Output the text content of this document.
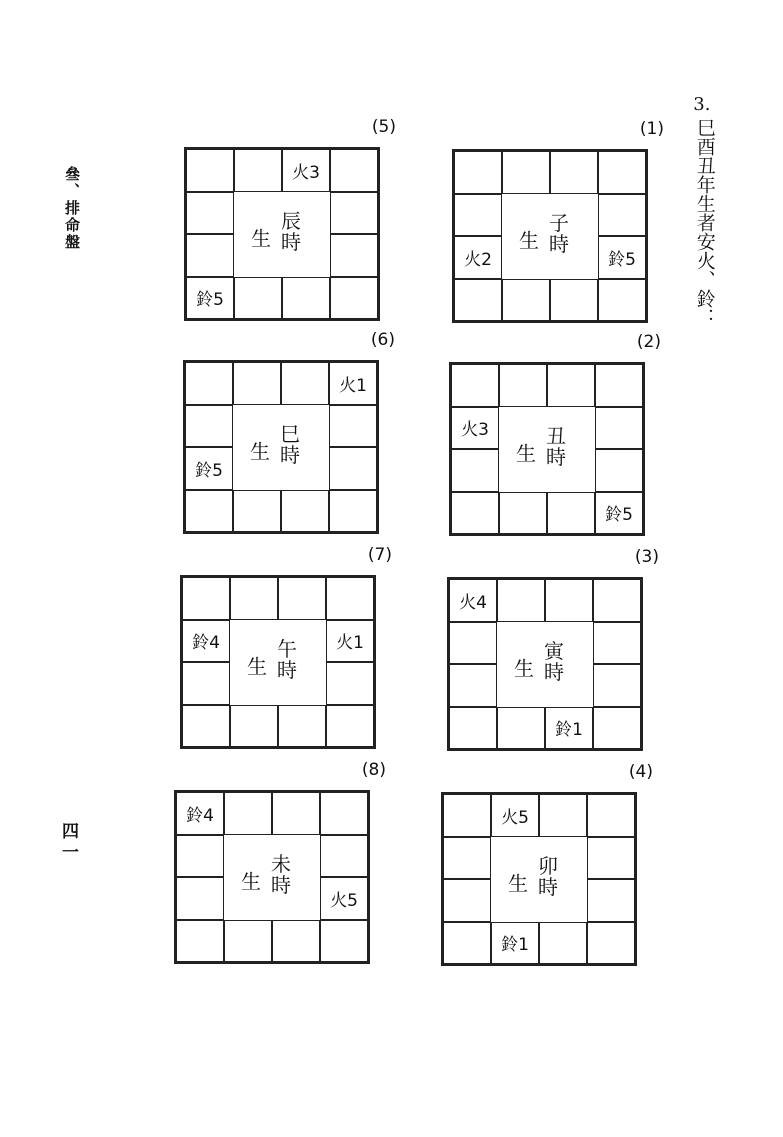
叄、排命盤
四一
3.
巳酉丑年生者安火、鈴：
(5)
火3
鈴5
生
辰
時
(1)
火2	鈴5
生
子
時
(6)
火1
鈴5
生
巳
時
(2)
火3
鈴5
生
丑
時
(7)
鈴4	火1
生
午
時
(3)
火4
鈴1
生
寅
時
(8)
鈴4
火5
生
未
時
(4)
火5
鈴1
生
卯
時
